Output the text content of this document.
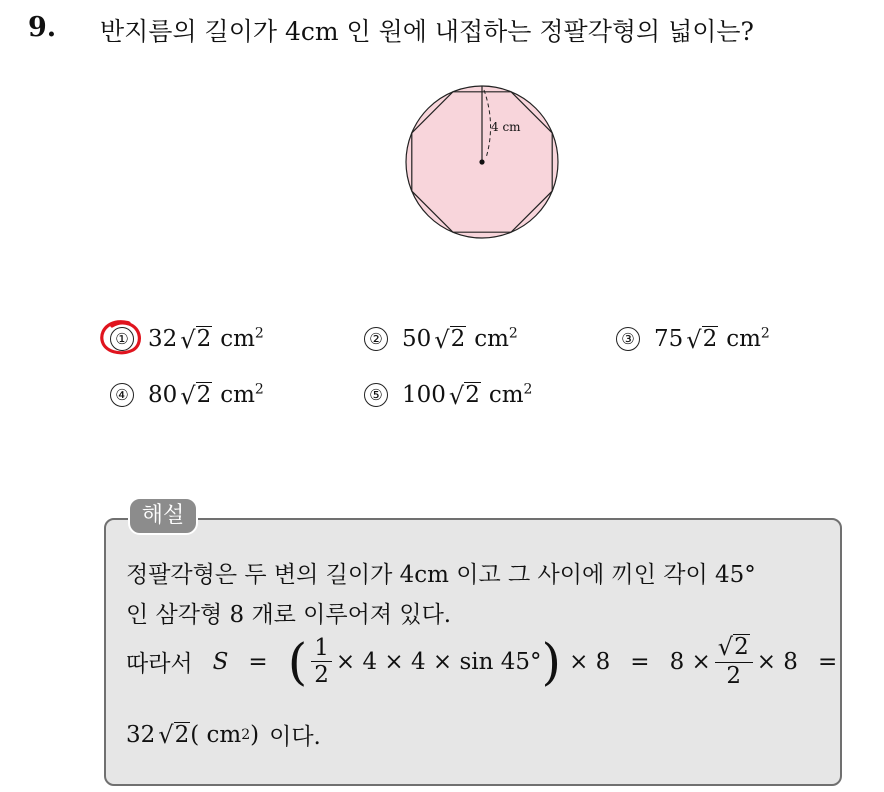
9. 반지름의 길이가 4cm 인 원에 내접하는 정팔각형의 넓이는?
4 cm
① 32 √ 2 $cm^2$	② 50 √ 2 $cm^2$	③ 75 √ 2 $cm^2$
④ 80 √ 2 $cm^2$	⑤ 100 √ 2 $cm^2$
해설
정팔각형은 두 변의 길이가 4cm 이고 그 사이에 끼인 각이 45°
인 삼각형 8 개로 이루어져 있다.
따라서 S = ( $\frac{1}{2} \times 4 \times 4 \times \sin 45^\circ$ ) × $8 = 8 \times \frac{√ 2}{2} \times 8$ =
32 √ 2 ( cm 2 ) 이다.
